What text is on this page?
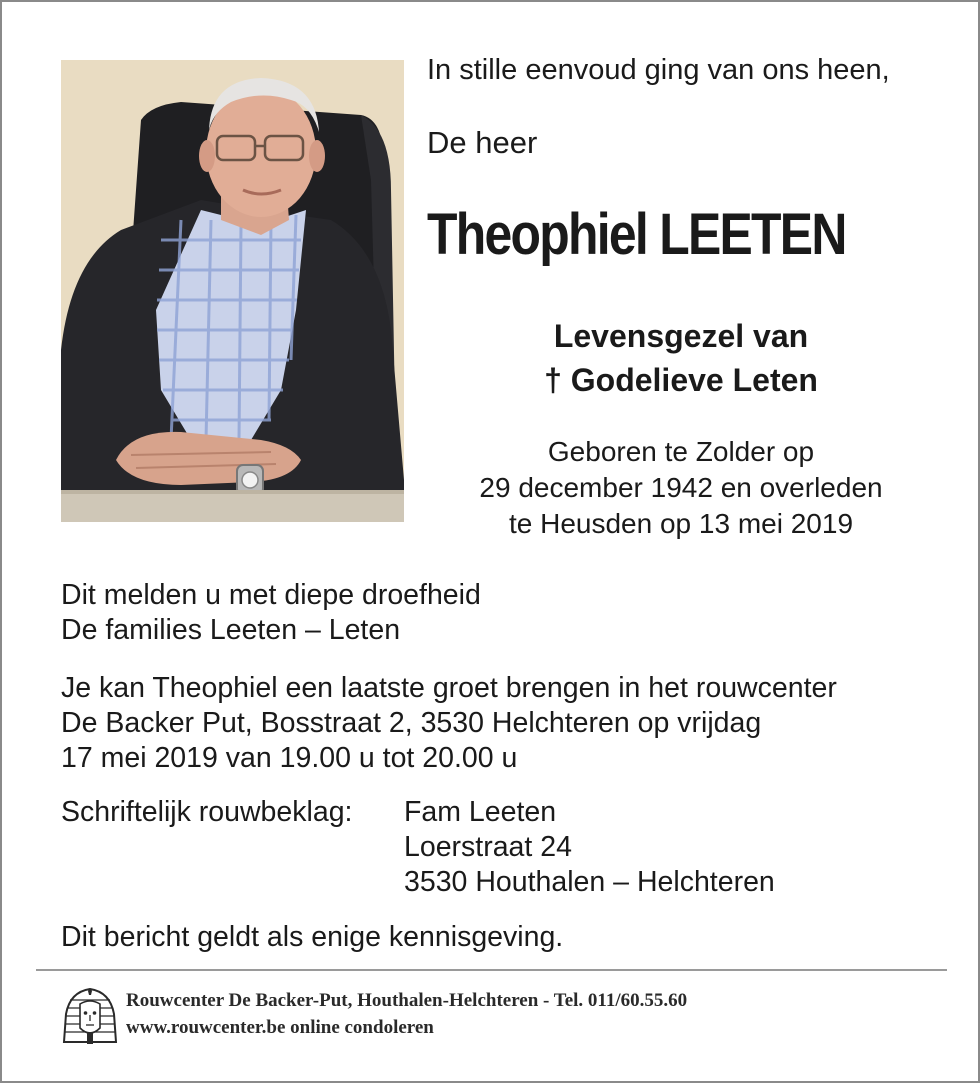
In stille eenvoud ging van ons heen,
De heer
Theophiel LEETEN
Levensgezel van
† Godelieve Leten
Geboren te Zolder op
29 december 1942 en overleden
te Heusden op 13 mei 2019
Dit melden u met diepe droefheid
De families Leeten – Leten
Je kan Theophiel een laatste groet brengen in het rouwcenter
De Backer Put, Bosstraat 2, 3530 Helchteren op vrijdag
17 mei 2019 van 19.00 u tot 20.00 u
Schriftelijk rouwbeklag: Fam Leeten
Loerstraat 24
3530 Houthalen – Helchteren
Dit bericht geldt als enige kennisgeving.
Rouwcenter De Backer-Put, Houthalen-Helchteren - Tel. 011/60.55.60
www.rouwcenter.be online condoleren
